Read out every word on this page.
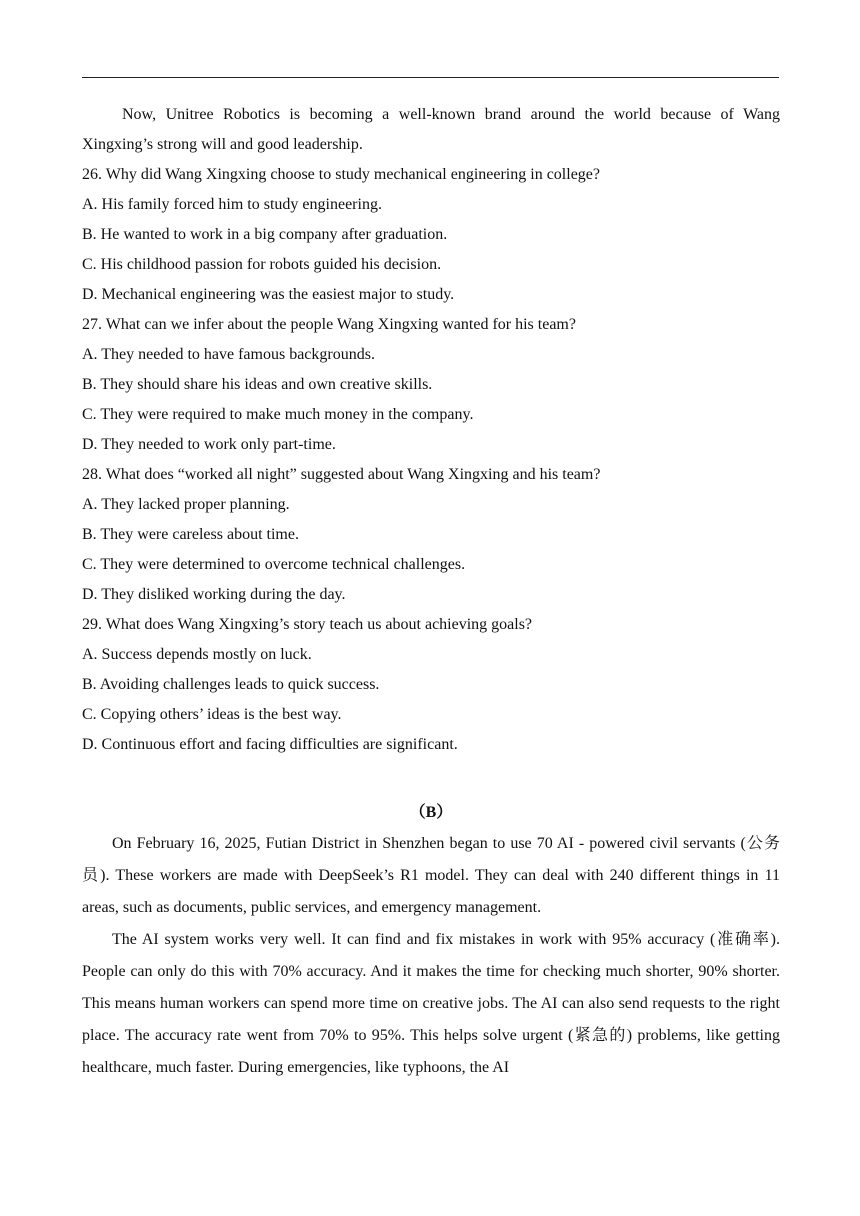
Now, Unitree Robotics is becoming a well-known brand around the world because of Wang Xingxing’s strong will and good leadership.

26. Why did Wang Xingxing choose to study mechanical engineering in college?

A. His family forced him to study engineering.

B. He wanted to work in a big company after graduation.

C. His childhood passion for robots guided his decision.

D. Mechanical engineering was the easiest major to study.

27. What can we infer about the people Wang Xingxing wanted for his team?

A. They needed to have famous backgrounds.

B. They should share his ideas and own creative skills.

C. They were required to make much money in the company.

D. They needed to work only part-time.

28. What does “worked all night” suggested about Wang Xingxing and his team?

A. They lacked proper planning.

B. They were careless about time.

C. They were determined to overcome technical challenges.

D. They disliked working during the day.

29. What does Wang Xingxing’s story teach us about achieving goals?

A. Success depends mostly on luck.

B. Avoiding challenges leads to quick success.

C. Copying others’ ideas is the best way.

D. Continuous effort and facing difficulties are significant.

（B）

On February 16, 2025, Futian District in Shenzhen began to use 70 AI - powered civil servants (公务员). These workers are made with DeepSeek’s R1 model. They can deal with 240 different things in 11 areas, such as documents, public services, and emergency management.

The AI system works very well. It can find and fix mistakes in work with 95% accuracy (准确率). People can only do this with 70% accuracy. And it makes the time for checking much shorter, 90% shorter. This means human workers can spend more time on creative jobs. The AI can also send requests to the right place. The accuracy rate went from 70% to 95%. This helps solve urgent (紧急的) problems, like getting healthcare, much faster. During emergencies, like typhoons, the AI
